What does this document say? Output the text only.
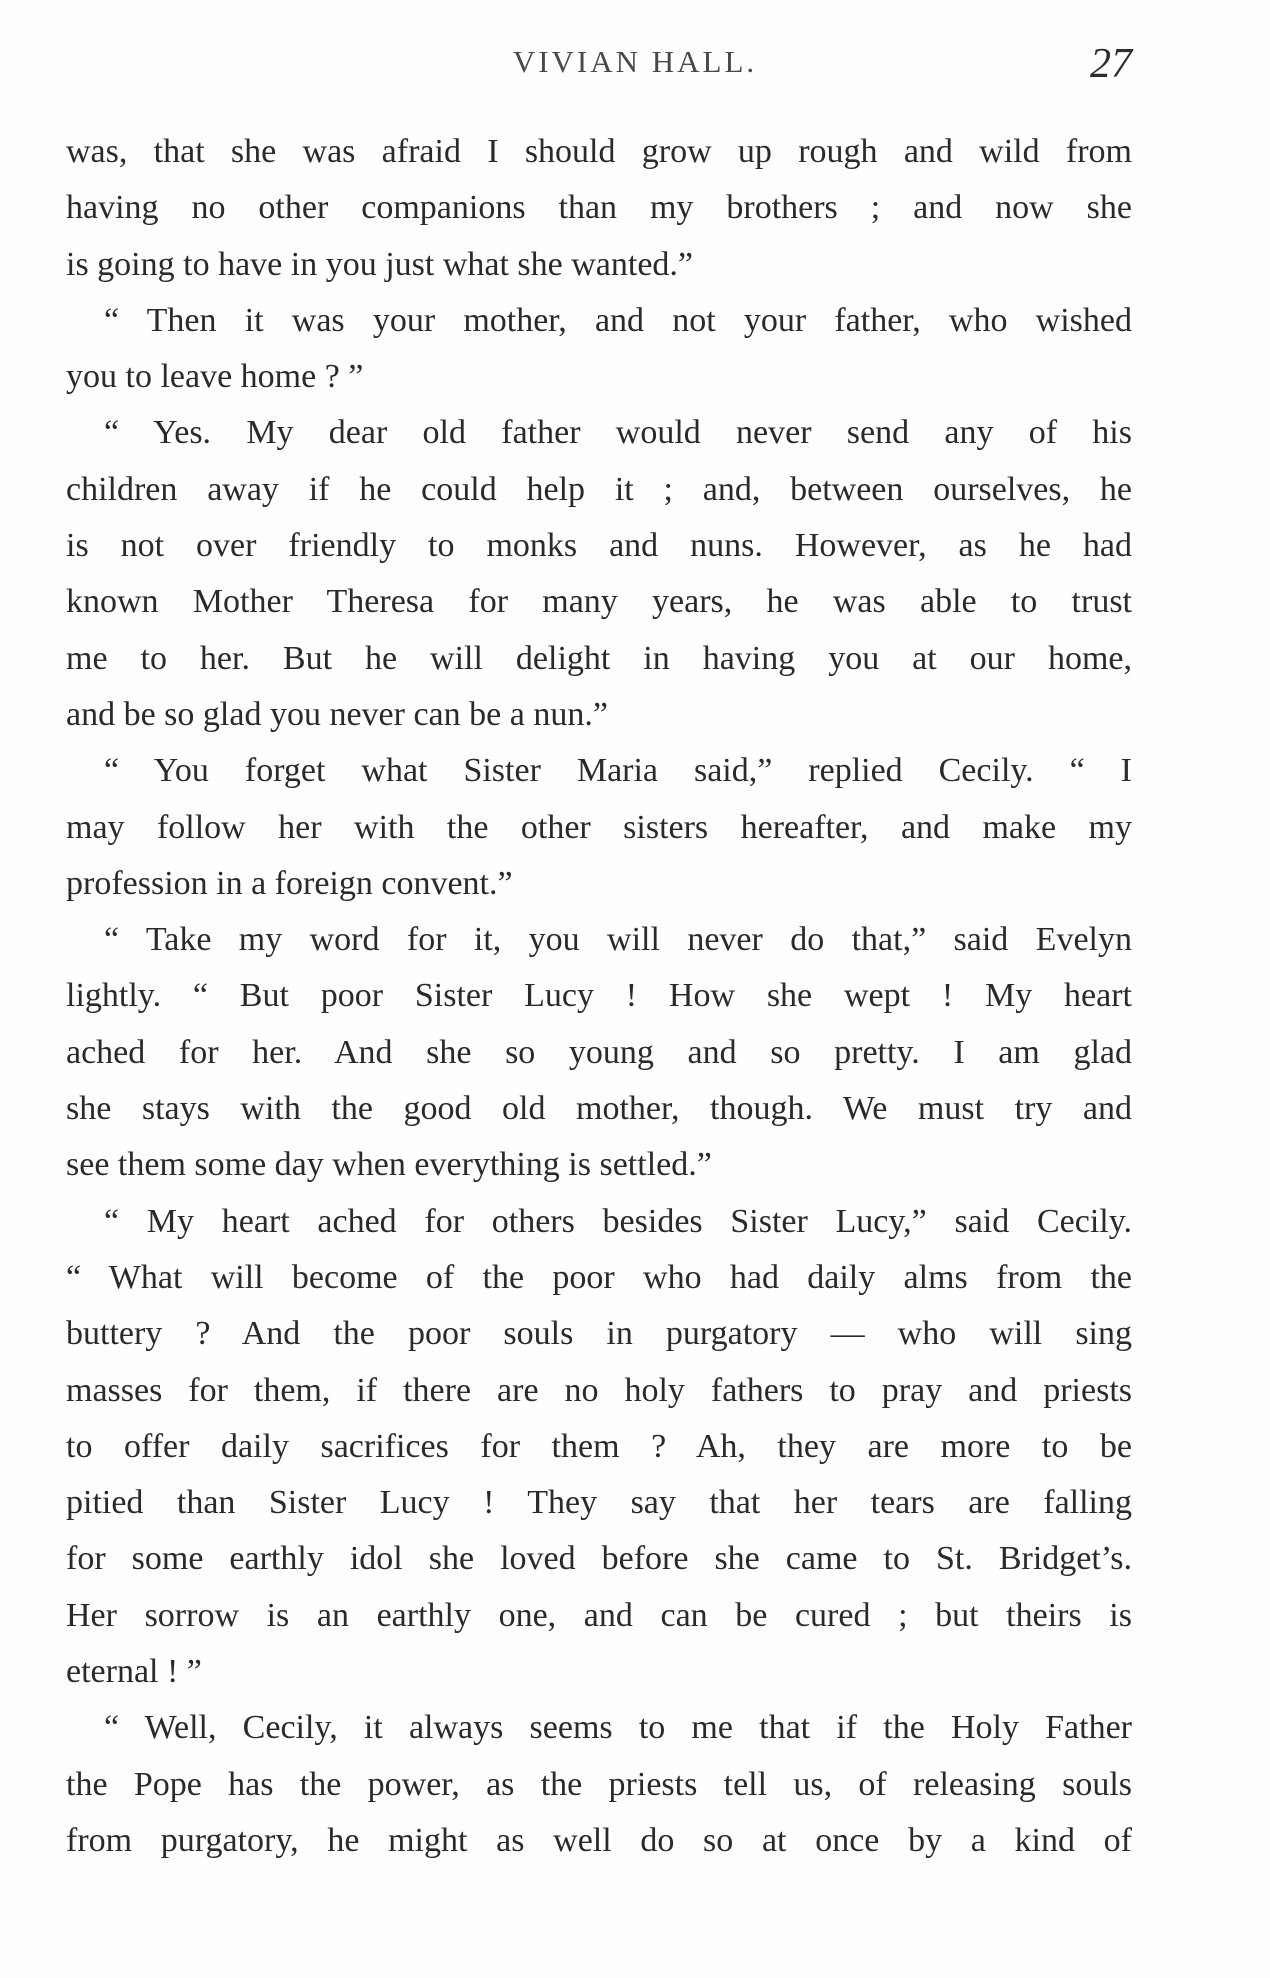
VIVIAN HALL.	27
was, that she was afraid I should grow up rough and wild from
having no other companions than my brothers ; and now she
is going to have in you just what she wanted.”
“ Then it was your mother, and not your father, who wished
you to leave home ? ”
“ Yes. My dear old father would never send any of his
children away if he could help it ; and, between ourselves, he
is not over friendly to monks and nuns. However, as he had
known Mother Theresa for many years, he was able to trust
me to her. But he will delight in having you at our home,
and be so glad you never can be a nun.”
“ You forget what Sister Maria said,” replied Cecily. “ I
may follow her with the other sisters hereafter, and make my
profession in a foreign convent.”
“ Take my word for it, you will never do that,” said Evelyn
lightly. “ But poor Sister Lucy ! How she wept ! My heart
ached for her. And she so young and so pretty. I am glad
she stays with the good old mother, though. We must try and
see them some day when everything is settled.”
“ My heart ached for others besides Sister Lucy,” said Cecily.
“ What will become of the poor who had daily alms from the
buttery ? And the poor souls in purgatory — who will sing
masses for them, if there are no holy fathers to pray and priests
to offer daily sacrifices for them ? Ah, they are more to be
pitied than Sister Lucy ! They say that her tears are falling
for some earthly idol she loved before she came to St. Bridget’s.
Her sorrow is an earthly one, and can be cured ; but theirs is
eternal ! ”
“ Well, Cecily, it always seems to me that if the Holy Father
the Pope has the power, as the priests tell us, of releasing souls
from purgatory, he might as well do so at once by a kind of
